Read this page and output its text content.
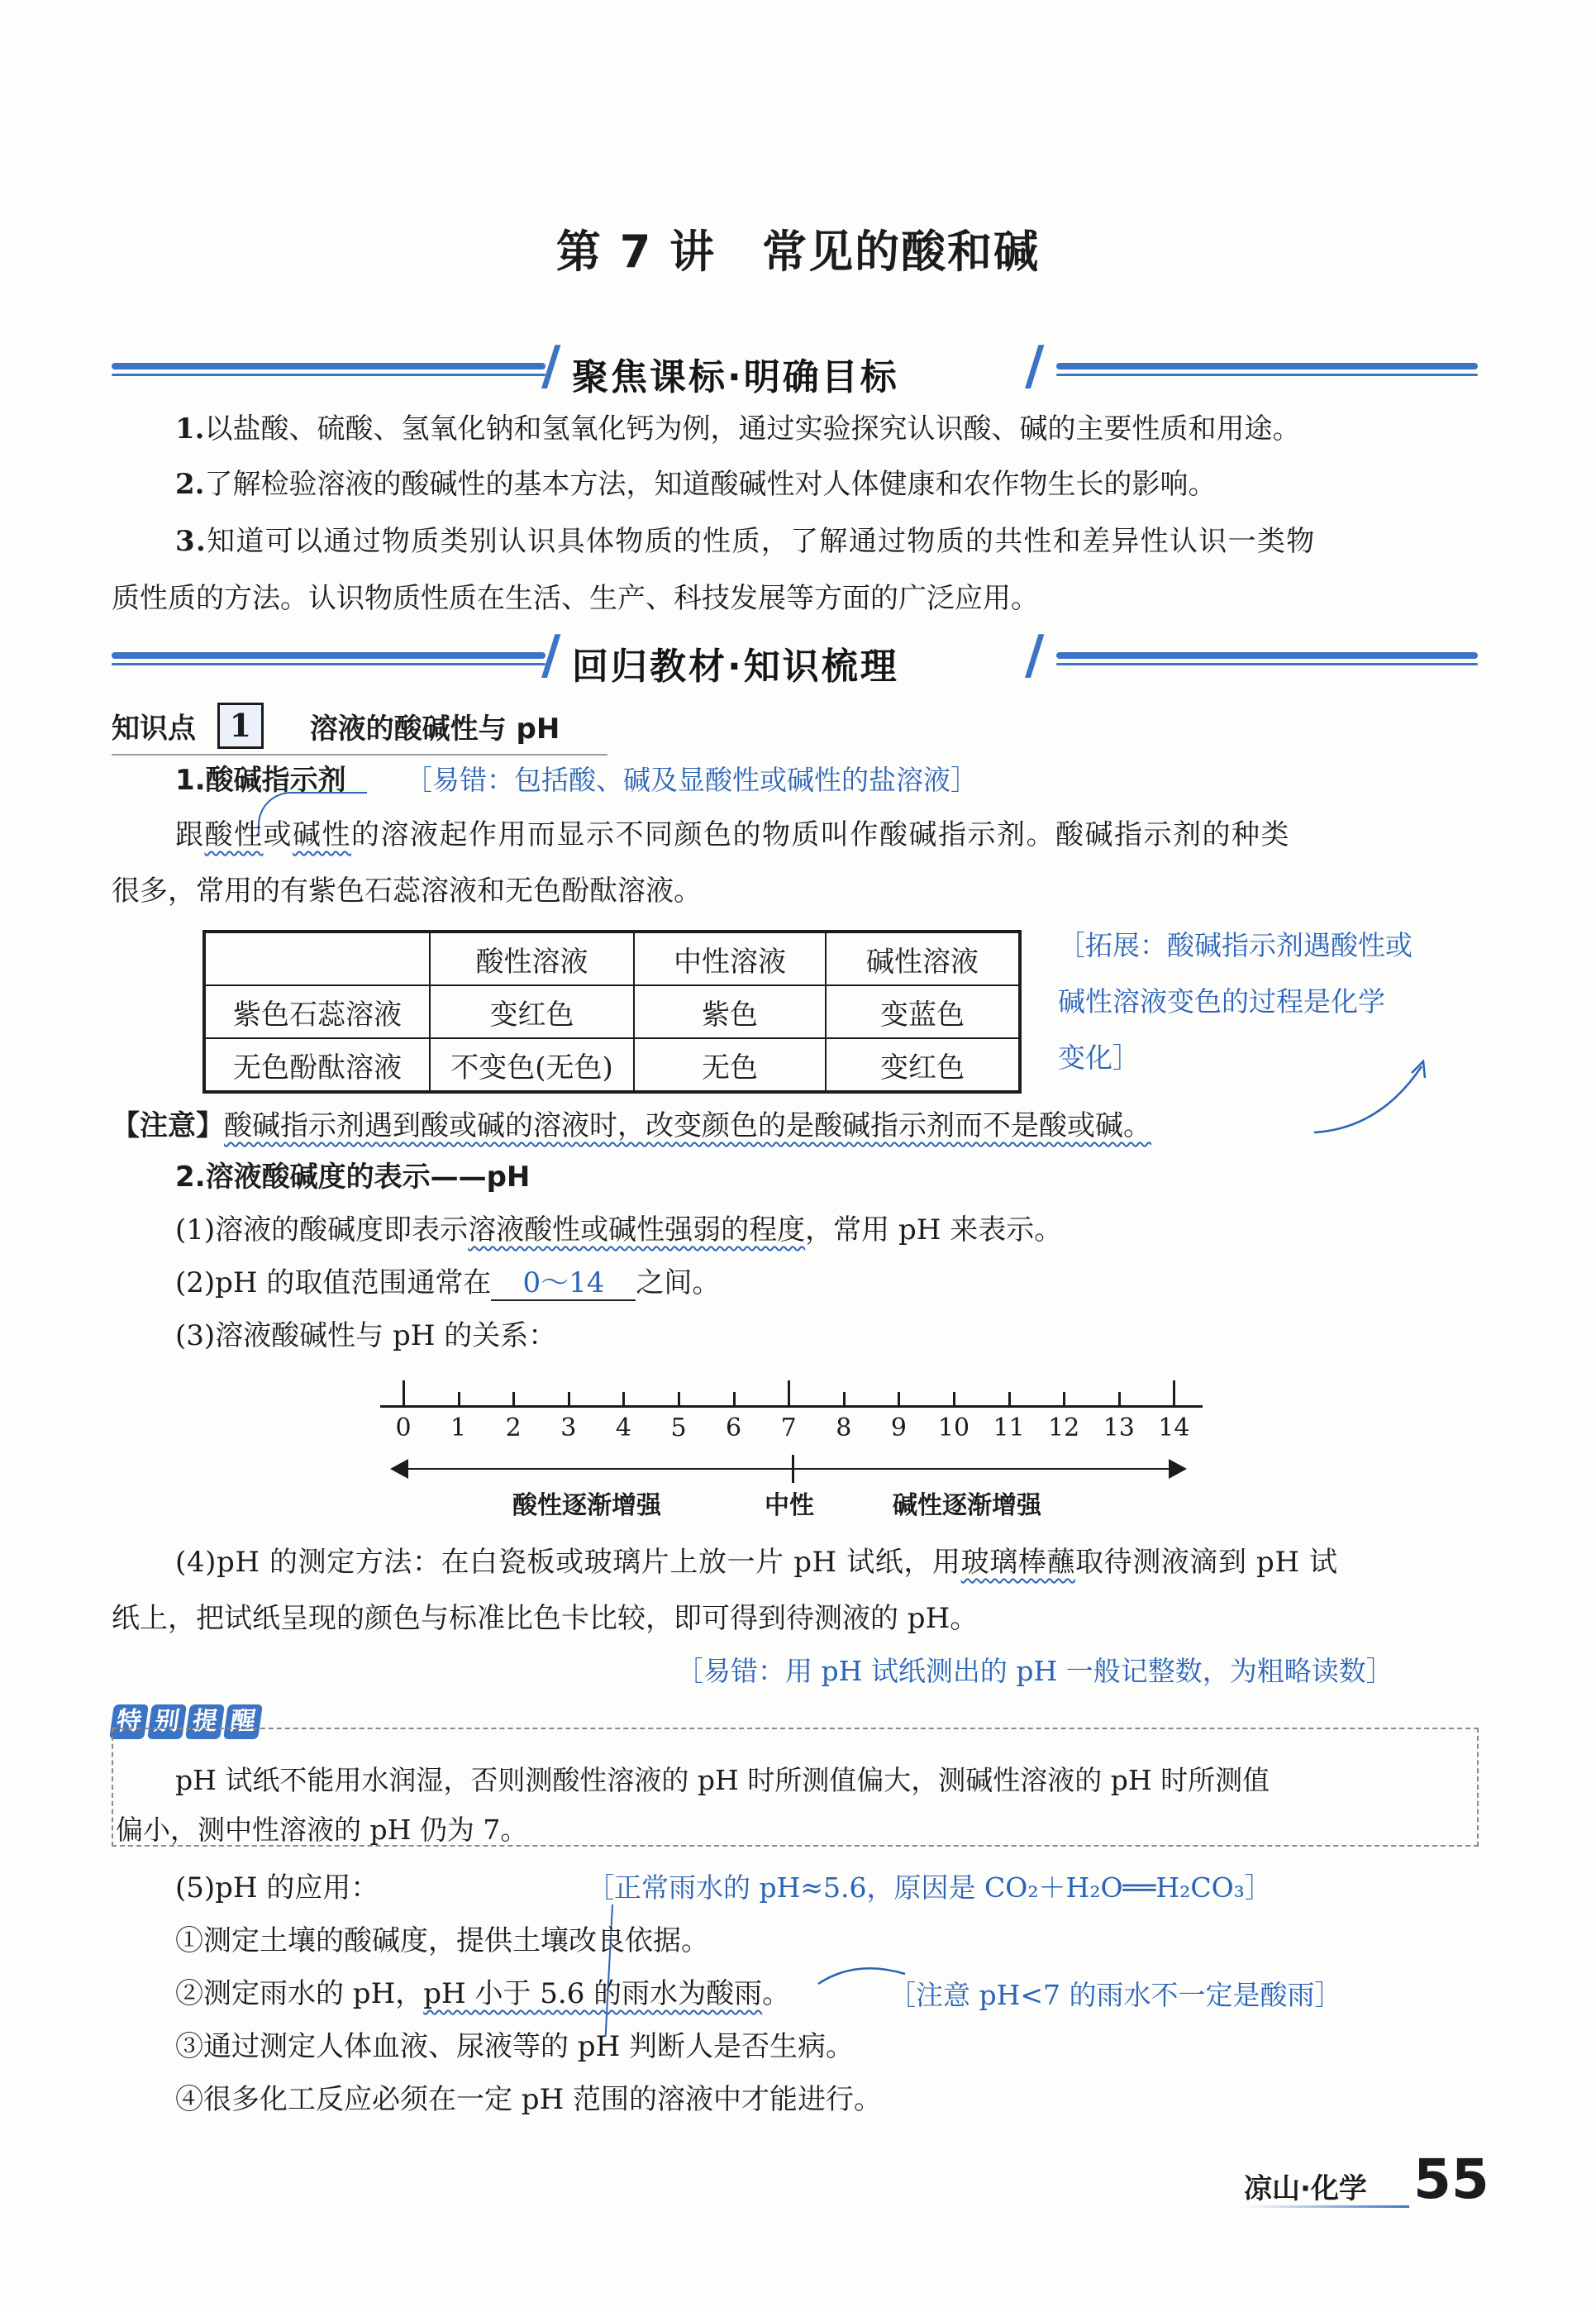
第 7 讲　常见的酸和碱
/ 聚焦课标·明确目标 /
1.以盐酸、硫酸、氢氧化钠和氢氧化钙为例，通过实验探究认识酸、碱的主要性质和用途。
2.了解检验溶液的酸碱性的基本方法，知道酸碱性对人体健康和农作物生长的影响。
3.知道可以通过物质类别认识具体物质的性质，了解通过物质的共性和差异性认识一类物
质性质的方法。认识物质性质在生活、生产、科技发展等方面的广泛应用。
/ 回归教材·知识梳理 /
知识点 1 溶液的酸碱性与 pH
1.酸碱指示剂 ［易错：包括酸、碱及显酸性或碱性的盐溶液］
跟酸性或碱性的溶液起作用而显示不同颜色的物质叫作酸碱指示剂。酸碱指示剂的种类
很多，常用的有紫色石蕊溶液和无色酚酞溶液。
	酸性溶液	中性溶液	碱性溶液
紫色石蕊溶液	变红色	紫色	变蓝色
无色酚酞溶液	不变色(无色)	无色	变红色
［拓展：酸碱指示剂遇酸性或
碱性溶液变色的过程是化学
变化］
【注意】酸碱指示剂遇到酸或碱的溶液时，改变颜色的是酸碱指示剂而不是酸或碱。
2.溶液酸碱度的表示——pH
(1)溶液的酸碱度即表示溶液酸性或碱性强弱的程度，常用 pH 来表示。
(2)pH 的取值范围通常在 0～14 之间。
(3)溶液酸碱性与 pH 的关系：
0	1	2	3	4	5	6	7	8	9	10 11 12 13 14
酸性逐渐增强	中性	碱性逐渐增强
(4)pH 的测定方法：在白瓷板或玻璃片上放一片 pH 试纸，用玻璃棒蘸取待测液滴到 pH 试
纸上，把试纸呈现的颜色与标准比色卡比较，即可得到待测液的 pH。
［易错：用 pH 试纸测出的 pH 一般记整数，为粗略读数］
特 别 提 醒
pH 试纸不能用水润湿，否则测酸性溶液的 pH 时所测值偏大，测碱性溶液的 pH 时所测值
偏小，测中性溶液的 pH 仍为 7。
(5)pH 的应用：	［正常雨水的 pH≈5.6，原因是 CO₂＋H₂O══H₂CO₃］
①测定土壤的酸碱度，提供土壤改良依据。
②测定雨水的 pH，pH 小于 5.6 的雨水为酸雨。	［注意 pH<7 的雨水不一定是酸雨］
③通过测定人体血液、尿液等的 pH 判断人是否生病。
④很多化工反应必须在一定 pH 范围的溶液中才能进行。
凉山·化学 55
